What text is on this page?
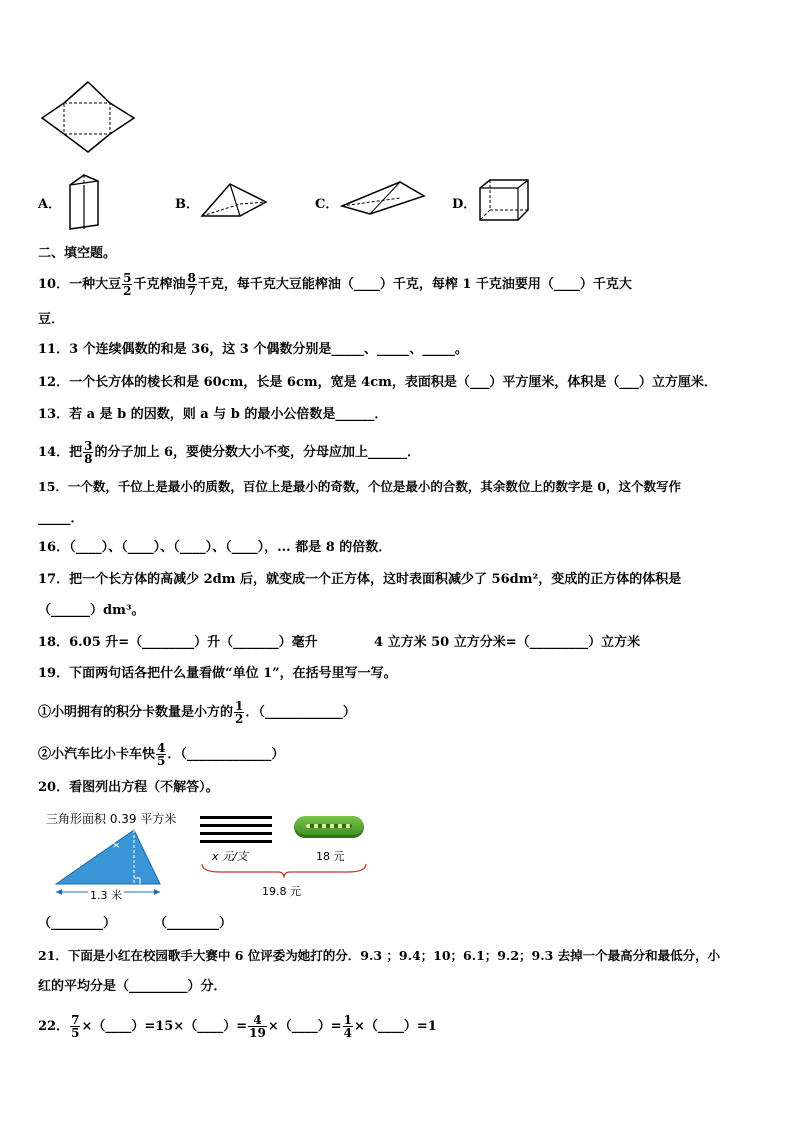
A．	B．	C．	D．
二、填空题。
10．一种大豆 $\frac{5}{2}$ 千克榨油 $\frac{8}{7}$ 千克，每千克大豆能榨油（____）千克，每榨 1 千克油要用（____）千克大
豆．
11．3 个连续偶数的和是 36，这 3 个偶数分别是_____、_____、_____。
12．一个长方体的棱长和是 60cm，长是 6cm，宽是 4cm，表面积是（___）平方厘米，体积是（___）立方厘米．
13．若 a 是 b 的因数，则 a 与 b 的最小公倍数是______．
14．把 $\frac{3}{8}$ 的分子加上 6，要使分数大小不变，分母应加上______．
15．一个数，千位上是最小的质数，百位上是最小的奇数，个位是最小的合数，其余数位上的数字是 0，这个数写作
_____．
16．（____）、（____）、（____）、（____），... 都是 8 的倍数．
17．把一个长方体的高减少 2dm 后，就变成一个正方体，这时表面积减少了 56dm²，变成的正方体的体积是
（______）dm³。
18．6.05 升=（________）升（_______）毫升	4 立方米 50 立方分米=（_________）立方米
19．下面两句话各把什么量看做“单位 1”，在括号里写一写。
①小明拥有的积分卡数量是小方的 $\frac{1}{2}$ ．（____________）
②小汽车比小卡车快 $\frac{4}{5}$ ．（_____________）
20．看图列出方程（不解答）。
三角形面积 0.39 平方米
x 米
1.3 米
x 元/支	18 元
19.8 元
（________）	（________）
21．下面是小红在校园歌手大赛中 6 位评委为她打的分．9.3 ；9.4；10；6.1；9.2；9.3 去掉一个最高分和最低分，小
红的平均分是（_________）分．
22． $\frac{7}{5}$ ×（____）=15×（____）= $\frac{4}{19}$ ×（____）= $\frac{1}{4}$ ×（____）=1
